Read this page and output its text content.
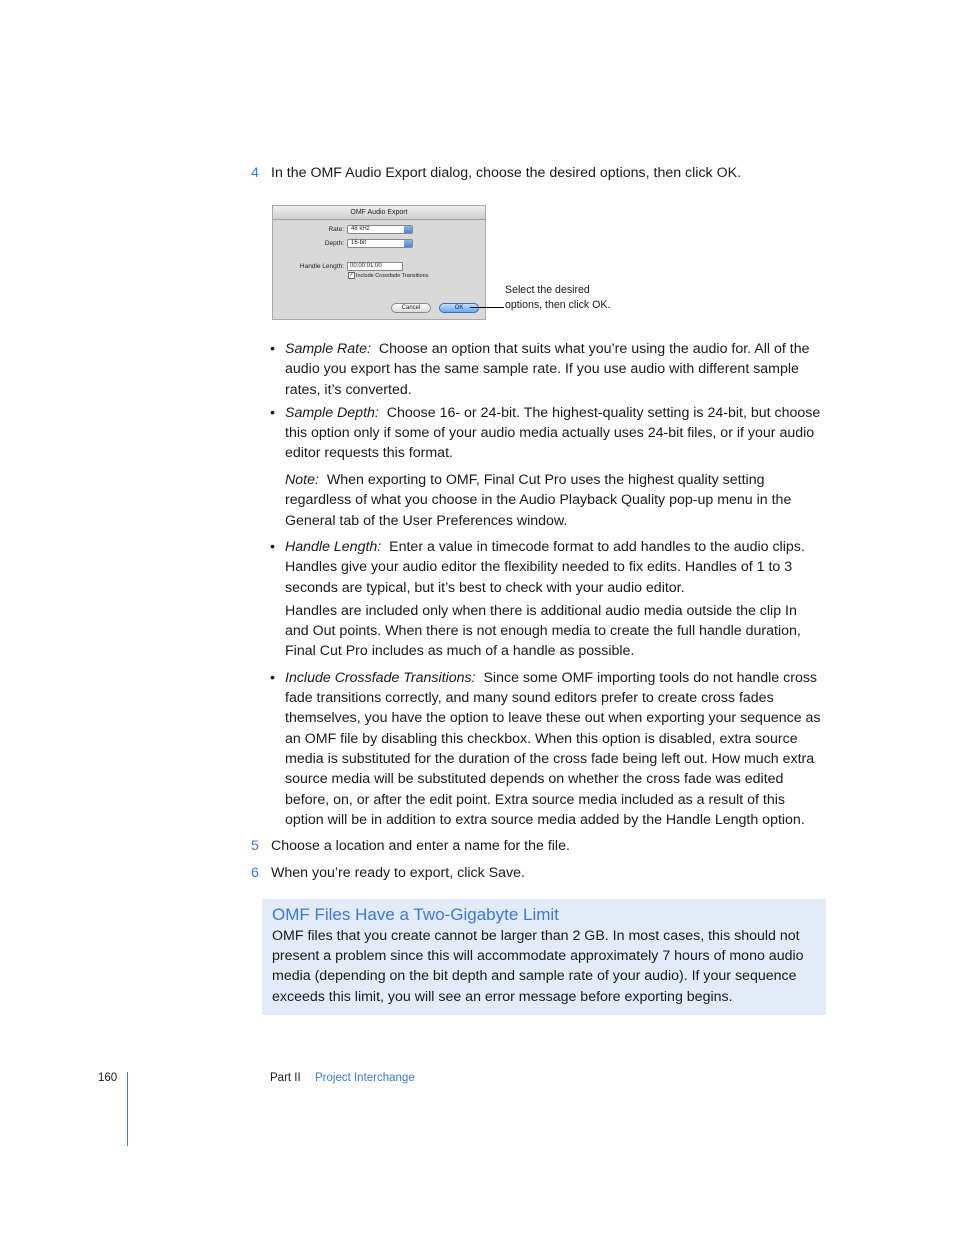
4 In the OMF Audio Export dialog, choose the desired options, then click OK.
OMF Audio Export
Rate:	48 kHz
Depth:	16-bit
Handle Length:	00:00:01:00
✓ Include Crossfade Transitions
Cancel	OK
Select the desired
options, then click OK.
• Sample Rate: Choose an option that suits what you’re using the audio for. All of the
audio you export has the same sample rate. If you use audio with different sample
rates, it’s converted.
• Sample Depth: Choose 16- or 24-bit. The highest-quality setting is 24-bit, but choose
this option only if some of your audio media actually uses 24-bit files, or if your audio
editor requests this format.
Note: When exporting to OMF, Final Cut Pro uses the highest quality setting
regardless of what you choose in the Audio Playback Quality pop-up menu in the
General tab of the User Preferences window.
• Handle Length: Enter a value in timecode format to add handles to the audio clips.
Handles give your audio editor the flexibility needed to fix edits. Handles of 1 to 3
seconds are typical, but it’s best to check with your audio editor.
Handles are included only when there is additional audio media outside the clip In
and Out points. When there is not enough media to create the full handle duration,
Final Cut Pro includes as much of a handle as possible.
• Include Crossfade Transitions: Since some OMF importing tools do not handle cross
fade transitions correctly, and many sound editors prefer to create cross fades
themselves, you have the option to leave these out when exporting your sequence as
an OMF file by disabling this checkbox. When this option is disabled, extra source
media is substituted for the duration of the cross fade being left out. How much extra
source media will be substituted depends on whether the cross fade was edited
before, on, or after the edit point. Extra source media included as a result of this
option will be in addition to extra source media added by the Handle Length option.
5 Choose a location and enter a name for the file.
6 When you’re ready to export, click Save.
OMF Files Have a Two-Gigabyte Limit
OMF files that you create cannot be larger than 2 GB. In most cases, this should not
present a problem since this will accommodate approximately 7 hours of mono audio
media (depending on the bit depth and sample rate of your audio). If your sequence
exceeds this limit, you will see an error message before exporting begins.
160	Part II Project Interchange
